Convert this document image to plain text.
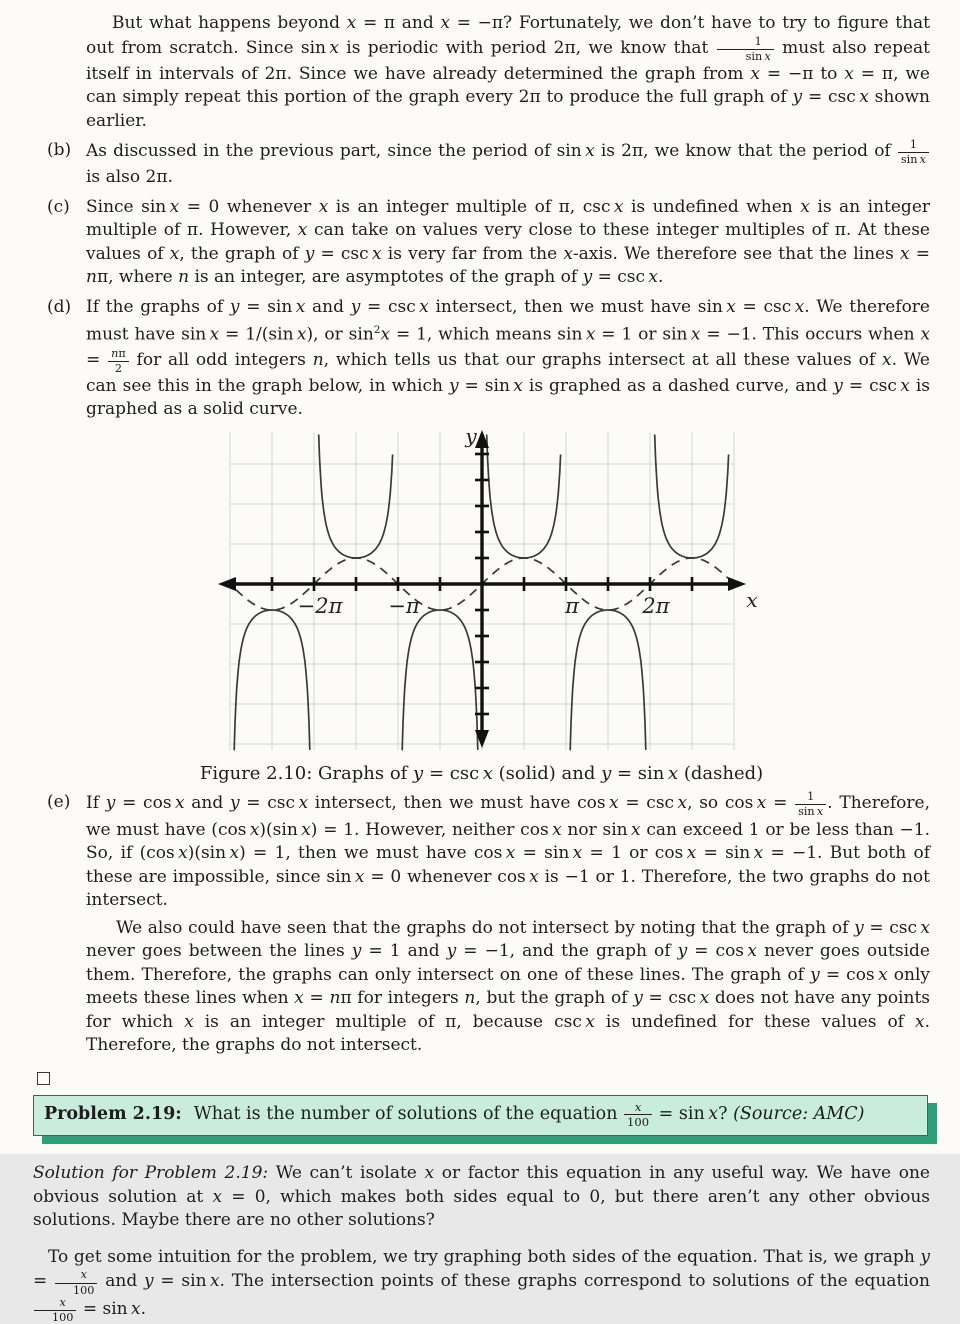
But what happens beyond x = π and x = −π? Fortunately, we don’t have to try to figure that out from scratch. Since sin x is periodic with period 2π, we know that $\frac{1}{\text{sin x}}$ must also repeat itself in intervals of 2π. Since we have already determined the graph from x = −π to x = π, we can simply repeat this portion of the graph every 2π to produce the full graph of y = csc x shown earlier.
(b) As discussed in the previous part, since the period of sin x is 2π, we know that the period of $\frac{1}{\text{sin x}}$
is also 2π.
(c) Since sin x = 0 whenever x is an integer multiple of π, csc x is undefined when x is an integer multiple of π. However, x can take on values very close to these integer multiples of π. At these values of x, the graph of y = csc x is very far from the x-axis. We therefore see that the lines x = nπ, where n is an integer, are asymptotes of the graph of y = csc x.
(d) If the graphs of y = sin x and y = csc x intersect, then we must have sin x = csc x. We therefore must have sin x = 1/(sin x), or $\sin^2x = 1$, which means sin x = 1 or sin x = −1. This occurs when $x = \frac{n\pi}{2}$ for all odd integers n, which tells us that our graphs intersect at all these values of x. We can see this in the graph below, in which y = sin x is graphed as a dashed curve, and y = csc x is graphed as a solid curve.
−2π −π	π	2π
y
x
Figure 2.10: Graphs of y = csc x (solid) and y = sin x (dashed)
(e) If y = cos x and y = csc x intersect, then we must have cos x = csc x, so $\cos x = \frac{1}{\text{sin x}}$ . Therefore, we must have (cos x)(sin x) = 1. However, neither cos x nor sin x can exceed 1 or be less than −1. So, if (cos x)(sin x) = 1, then we must have cos x = sin x = 1 or cos x = sin x = −1. But both of these are impossible, since sin x = 0 whenever cos x is −1 or 1. Therefore, the two graphs do not intersect.
We also could have seen that the graphs do not intersect by noting that the graph of y = csc x never goes between the lines y = 1 and y = −1, and the graph of y = cos x never goes outside them. Therefore, the graphs can only intersect on one of these lines. The graph of y = cos x only meets these lines when x = nπ for integers n, but the graph of y = csc x does not have any points for which x is an integer multiple of π, because csc x is undefined for these values of x. Therefore, the graphs do not intersect.
Problem 2.19: What is the number of solutions of the equation $\frac{x}{100} = \sin x$? (Source: AMC)
Solution for Problem 2.19: We can’t isolate x or factor this equation in any useful way. We have one obvious solution at x = 0, which makes both sides equal to 0, but there aren’t any other obvious solutions. Maybe there are no other solutions?
To get some intuition for the problem, we try graphing both sides of the equation. That is, we graph $y = \frac{x}{100}$ and y = sin x. The intersection points of these graphs correspond to solutions of the equation
$\frac{x}{100} = \sin x$.
